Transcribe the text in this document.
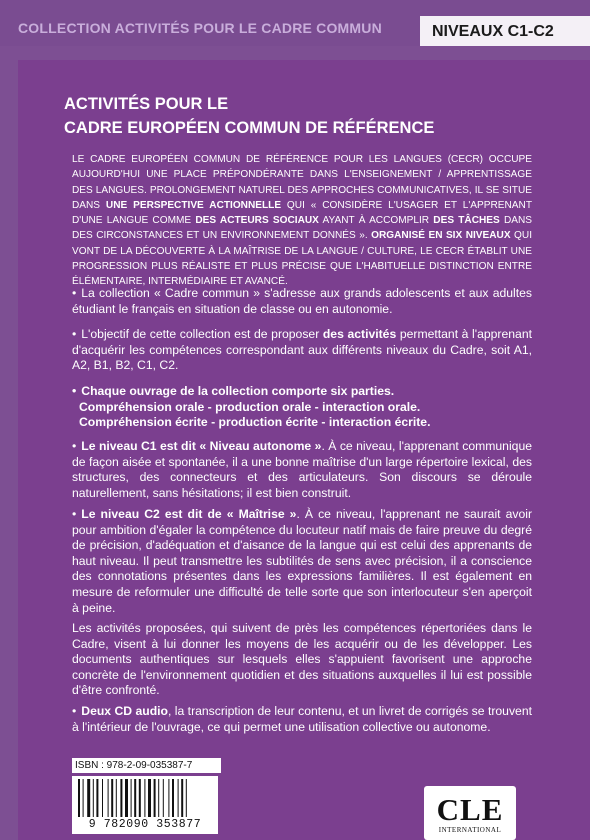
COLLECTION ACTIVITÉS POUR LE CADRE COMMUN	NIVEAUX C1-C2
ACTIVITÉS POUR LE
CADRE EUROPÉEN COMMUN DE RÉFÉRENCE
LE CADRE EUROPÉEN COMMUN DE RÉFÉRENCE POUR LES LANGUES (CECR) OCCUPE AUJOURD'HUI UNE PLACE PRÉPONDÉRANTE DANS L'ENSEIGNEMENT / APPRENTISSAGE DES LANGUES. PROLONGEMENT NATUREL DES APPROCHES COMMUNICATIVES, IL SE SITUE DANS UNE PERSPECTIVE ACTIONNELLE QUI « CONSIDÈRE L'USAGER ET L'APPRENANT D'UNE LANGUE COMME DES ACTEURS SOCIAUX AYANT À ACCOMPLIR DES TÂCHES DANS DES CIRCONSTANCES ET UN ENVIRONNEMENT DONNÉS ». ORGANISÉ EN SIX NIVEAUX QUI VONT DE LA DÉCOUVERTE À LA MAÎTRISE DE LA LANGUE / CULTURE, LE CECR ÉTABLIT UNE PROGRESSION PLUS RÉALISTE ET PLUS PRÉCISE QUE L'HABITUELLE DISTINCTION ENTRE ÉLÉMENTAIRE, INTERMÉDIAIRE ET AVANCÉ.
• La collection « Cadre commun » s'adresse aux grands adolescents et aux adultes étudiant le français en situation de classe ou en autonomie.
• L'objectif de cette collection est de proposer des activités permettant à l'apprenant d'acquérir les compétences correspondant aux différents niveaux du Cadre, soit A1, A2, B1, B2, C1, C2.
• Chaque ouvrage de la collection comporte six parties.
Compréhension orale - production orale - interaction orale.
Compréhension écrite - production écrite - interaction écrite.
• Le niveau C1 est dit « Niveau autonome ». À ce niveau, l'apprenant communique de façon aisée et spontanée, il a une bonne maîtrise d'un large répertoire lexical, des structures, des connecteurs et des articulateurs. Son discours se déroule naturellement, sans hésitations; il est bien construit.
• Le niveau C2 est dit de « Maîtrise ». À ce niveau, l'apprenant ne saurait avoir pour ambition d'égaler la compétence du locuteur natif mais de faire preuve du degré de précision, d'adéquation et d'aisance de la langue qui est celui des apprenants de haut niveau. Il peut transmettre les subtilités de sens avec précision, il a conscience des connotations présentes dans les expressions familières. Il est également en mesure de reformuler une difficulté de telle sorte que son interlocuteur s'en aperçoit à peine.
Les activités proposées, qui suivent de près les compétences répertoriées dans le Cadre, visent à lui donner les moyens de les acquérir ou de les développer. Les documents authentiques sur lesquels elles s'appuient favorisent une approche concrète de l'environnement quotidien et des situations auxquelles il lui est possible d'être confronté.
• Deux CD audio, la transcription de leur contenu, et un livret de corrigés se trouvent à l'intérieur de l'ouvrage, ce qui permet une utilisation collective ou autonome.
ISBN : 978-2-09-035387-7
9 782090 353877	CLE
INTERNATIONAL
